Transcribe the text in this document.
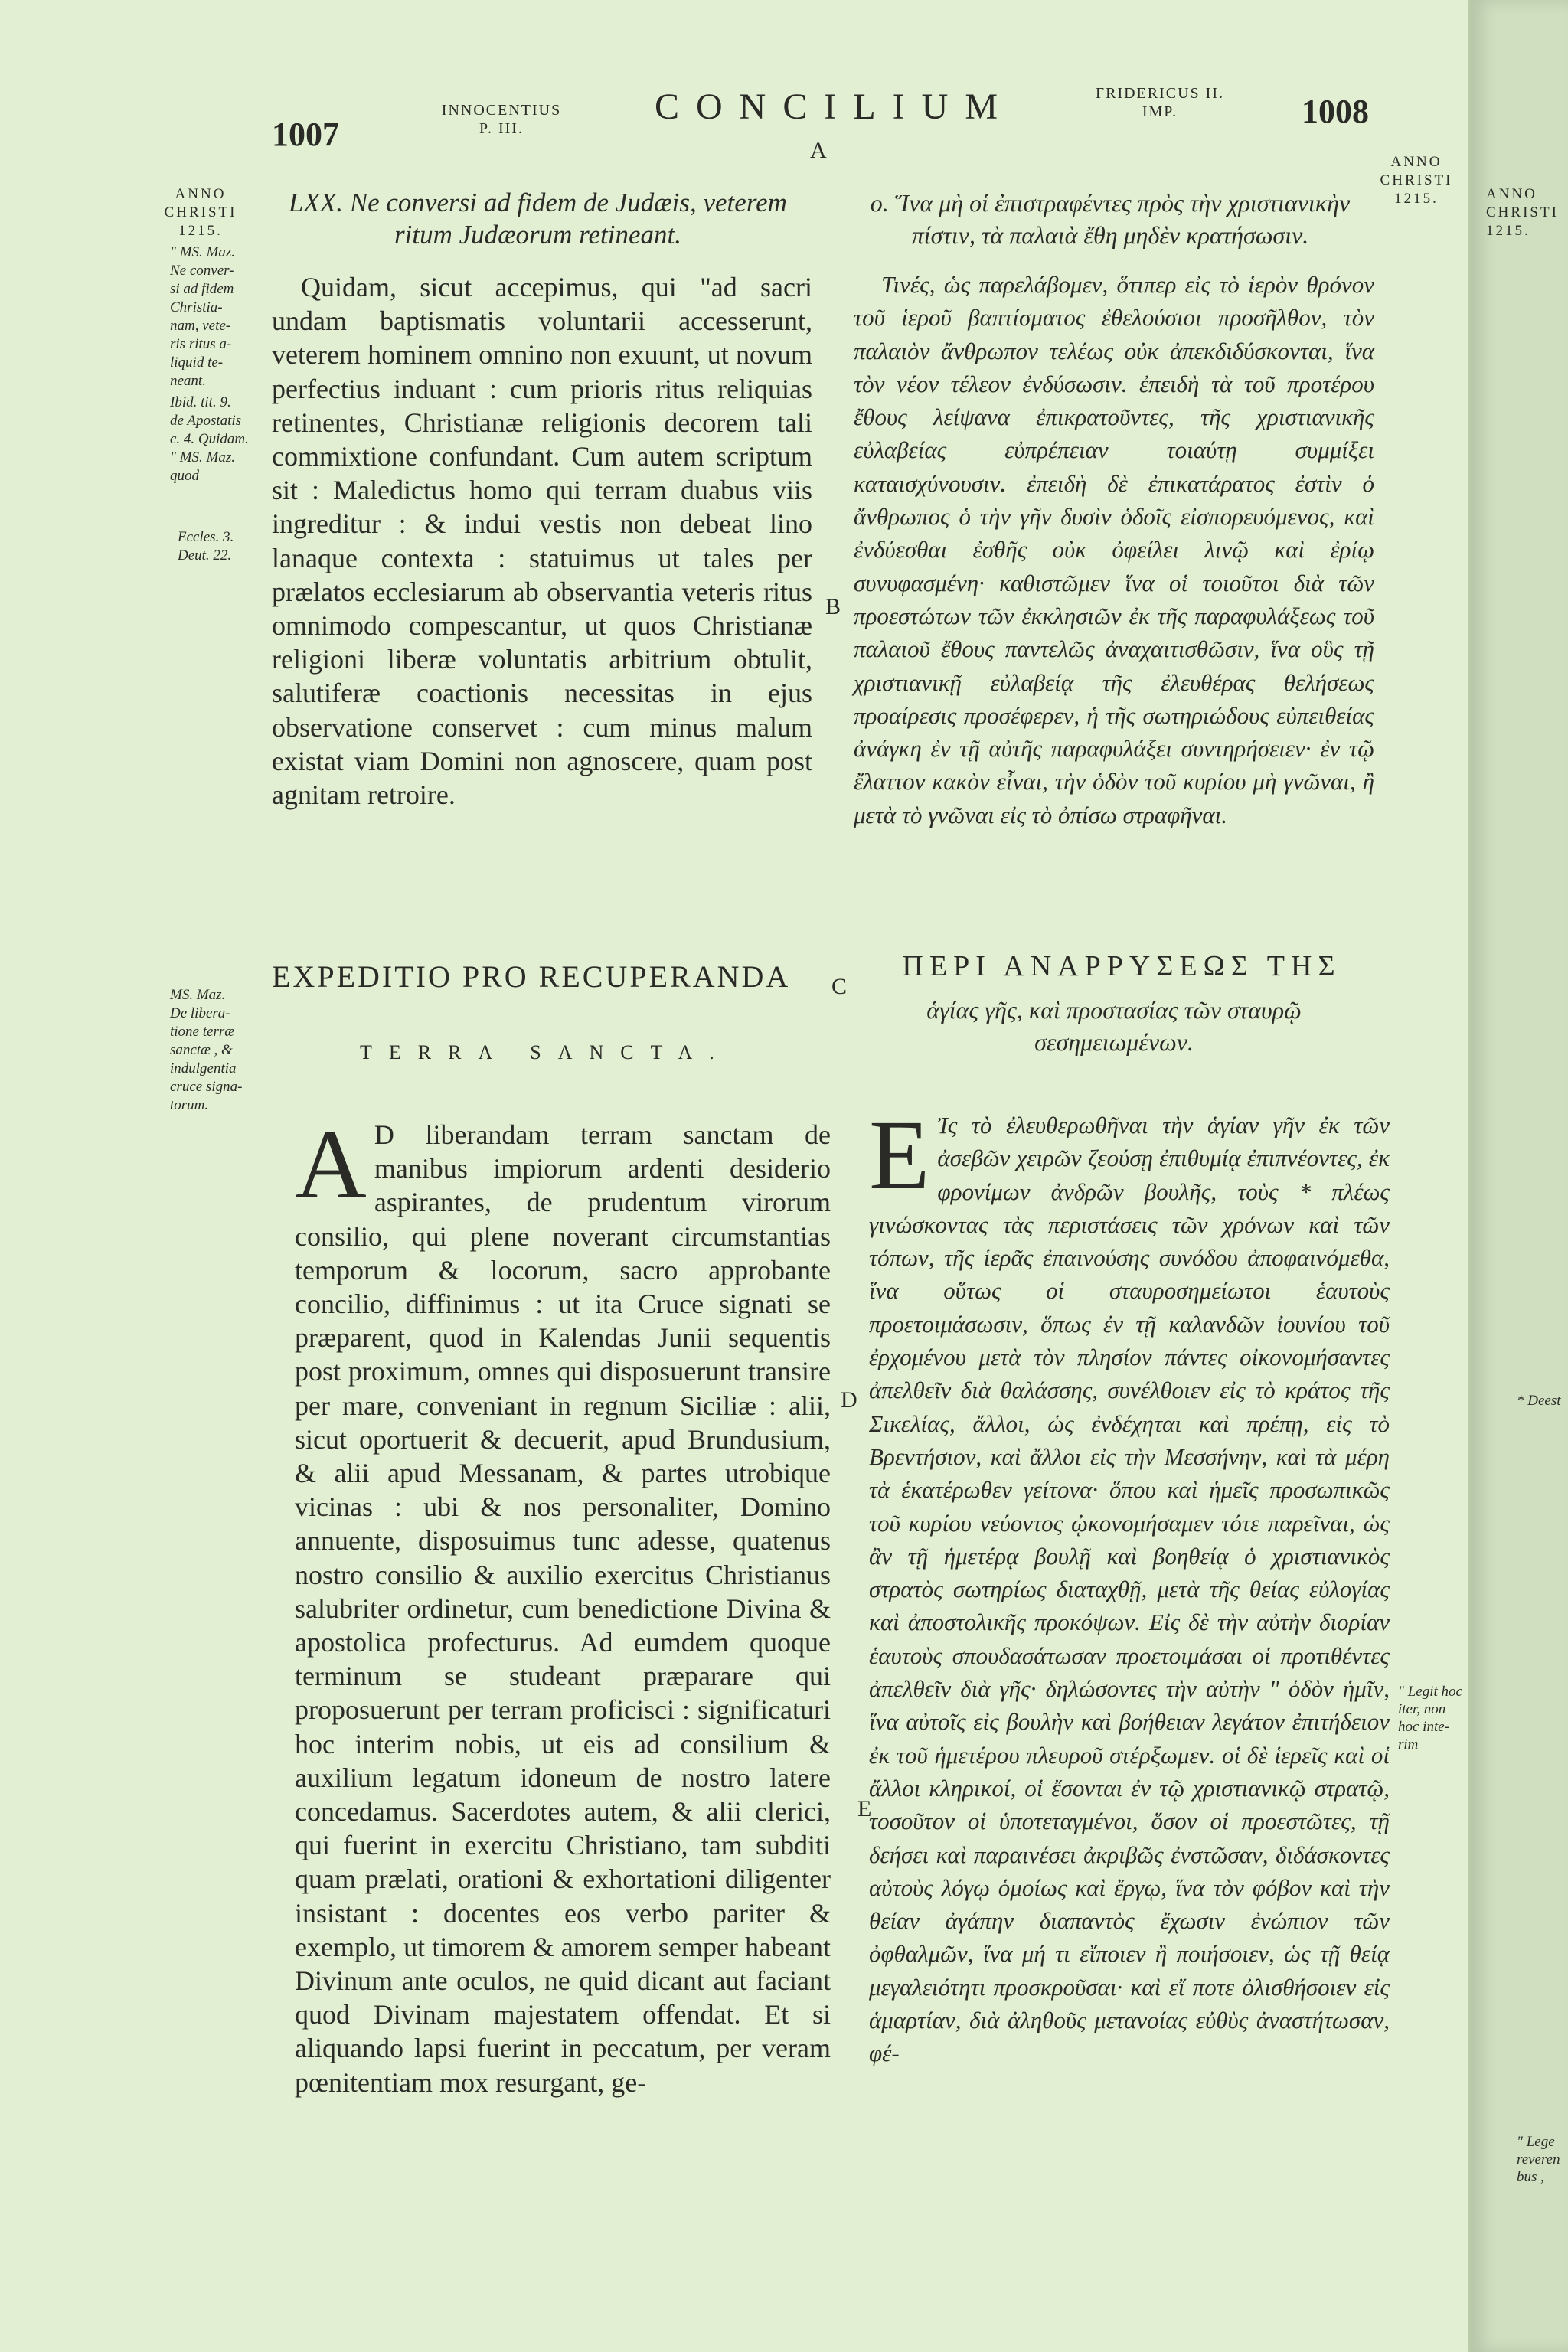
1007
INNOCENTIUS
P. III.
CONCILIUM	FRIDERICUS II.
IMP.	1008
A
B
C
D
E
ANNO
CHRISTI
1215.
" MS. Maz.
Ne conver-
si ad fidem
Christia-
nam, vete-
ris ritus a-
liquid te-
neant.
Ibid. tit. 9.
de Apostatis
c. 4. Quidam.
" MS. Maz.
quod
Eccles. 3.
Deut. 22.
MS. Maz.
De libera-
tione terræ
sanctæ , &
indulgentia
cruce signa-
torum.
ANNO
CHRISTI
1215.
" Legit hoc
iter, non
hoc inte-
rim
LXX. Ne conversi ad fidem de Judæis, veterem ritum Judæorum retineant.
Quidam, sicut accepimus, qui "ad sacri undam baptismatis voluntarii accesserunt, veterem hominem omnino non exuunt, ut novum perfectius induant : cum prioris ritus reliquias retinentes, Christianæ religionis decorem tali commixtione confundant. Cum autem scriptum sit : Maledictus homo qui terram duabus viis ingreditur : & indui vestis non debeat lino lanaque contexta : statuimus ut tales per prælatos ecclesiarum ab observantia veteris ritus omnimodo compescantur, ut quos Christianæ religioni liberæ voluntatis arbitrium obtulit, salutiferæ coactionis necessitas in ejus observatione conservet : cum minus malum existat viam Domini non agnoscere, quam post agnitam retroire.
ο. Ἵνα μὴ οἱ ἐπιστραφέντες πρὸς τὴν χριστιανικὴν πίστιν, τὰ παλαιὰ ἔθη μηδὲν κρατήσωσιν.
Τινές, ὡς παρελάβομεν, ὅτιπερ εἰς τὸ ἱερὸν θρόνον τοῦ ἱεροῦ βαπτίσματος ἐθελούσιοι προσῆλθον, τὸν παλαιὸν ἄνθρωπον τελέως οὐκ ἀπεκδιδύσκονται, ἵνα τὸν νέον τέλεον ἐνδύσωσιν. ἐπειδὴ τὰ τοῦ προτέρου ἔθους λείψανα ἐπικρατοῦντες, τῆς χριστιανικῆς εὐλαβείας εὐπρέπειαν τοιαύτῃ συμμίξει καταισχύνουσιν. ἐπειδὴ δὲ ἐπικατάρατος ἐστὶν ὁ ἄνθρωπος ὁ τὴν γῆν δυσὶν ὁδοῖς εἰσπορευόμενος, καὶ ἐνδύεσθαι ἐσθῆς οὐκ ὀφείλει λινῷ καὶ ἐρίῳ συνυφασμένη· καθιστῶμεν ἵνα οἱ τοιοῦτοι διὰ τῶν προεστώτων τῶν ἐκκλησιῶν ἐκ τῆς παραφυλάξεως τοῦ παλαιοῦ ἔθους παντελῶς ἀναχαιτισθῶσιν, ἵνα οὓς τῇ χριστιανικῇ εὐλαβείᾳ τῆς ἐλευθέρας θελήσεως προαίρεσις προσέφερεν, ἡ τῆς σωτηριώδους εὐπειθείας ἀνάγκη ἐν τῇ αὐτῆς παραφυλάξει συντηρήσειεν· ἐν τῷ ἔλαττον κακὸν εἶναι, τὴν ὁδὸν τοῦ κυρίου μὴ γνῶναι, ἢ μετὰ τὸ γνῶναι εἰς τὸ ὀπίσω στραφῆναι.
EXPEDITIO PRO RECUPERANDA
TERRA SANCTA.
A D liberandam terram sanctam de manibus impiorum ardenti desiderio aspirantes, de prudentum virorum consilio, qui plene noverant circumstantias temporum & locorum, sacro approbante concilio, diffinimus : ut ita Cruce signati se præparent, quod in Kalendas Junii sequentis post proximum, omnes qui disposuerunt transire per mare, conveniant in regnum Siciliæ : alii, sicut oportuerit & decuerit, apud Brundusium, & alii apud Messanam, & partes utrobique vicinas : ubi & nos personaliter, Domino annuente, disposuimus tunc adesse, quatenus nostro consilio & auxilio exercitus Christianus salubriter ordinetur, cum benedictione Divina & apostolica profecturus. Ad eumdem quoque terminum se studeant præparare qui proposuerunt per terram proficisci : significaturi hoc interim nobis, ut eis ad consilium & auxilium legatum idoneum de nostro latere concedamus. Sacerdotes autem, & alii clerici, qui fuerint in exercitu Christiano, tam subditi quam prælati, orationi & exhortationi diligenter insistant : docentes eos verbo pariter & exemplo, ut timorem & amorem semper habeant Divinum ante oculos, ne quid dicant aut faciant quod Divinam majestatem offendat. Et si aliquando lapsi fuerint in peccatum, per veram pœnitentiam mox resurgant, ge-
ΠΕΡΙ ΑΝΑΡΡΥΣΕΩΣ ΤΗΣ
ἁγίας γῆς, καὶ προστασίας τῶν σταυρῷ σεσημειωμένων.
Ε Ἰς τὸ ἐλευθερωθῆναι τὴν ἁγίαν γῆν ἐκ τῶν ἀσεβῶν χειρῶν ζεούσῃ ἐπιθυμίᾳ ἐπιπνέοντες, ἐκ φρονίμων ἀνδρῶν βουλῆς, τοὺς * πλέως γινώσκοντας τὰς περιστάσεις τῶν χρόνων καὶ τῶν τόπων, τῆς ἱερᾶς ἐπαινούσης συνόδου ἀποφαινόμεθα, ἵνα οὕτως οἱ σταυροσημείωτοι ἑαυτοὺς προετοιμάσωσιν, ὅπως ἐν τῇ καλανδῶν ἰουνίου τοῦ ἐρχομένου μετὰ τὸν πλησίον πάντες οἰκονομήσαντες ἀπελθεῖν διὰ θαλάσσης, συνέλθοιεν εἰς τὸ κράτος τῆς Σικελίας, ἄλλοι, ὡς ἐνδέχηται καὶ πρέπῃ, εἰς τὸ Βρεντήσιον, καὶ ἄλλοι εἰς τὴν Μεσσήνην, καὶ τὰ μέρη τὰ ἑκατέρωθεν γείτονα· ὅπου καὶ ἡμεῖς προσωπικῶς τοῦ κυρίου νεύοντος ᾠκονομήσαμεν τότε παρεῖναι, ὡς ἂν τῇ ἡμετέρᾳ βουλῇ καὶ βοηθείᾳ ὁ χριστιανικὸς στρατὸς σωτηρίως διαταχθῇ, μετὰ τῆς θείας εὐλογίας καὶ ἀποστολικῆς προκόψων. Εἰς δὲ τὴν αὐτὴν διορίαν ἑαυτοὺς σπουδασάτωσαν προετοιμάσαι οἱ προτιθέντες ἀπελθεῖν διὰ γῆς· δηλώσοντες τὴν αὐτὴν " ὁδὸν ἡμῖν, ἵνα αὐτοῖς εἰς βουλὴν καὶ βοήθειαν λεγάτον ἐπιτήδειον ἐκ τοῦ ἡμετέρου πλευροῦ στέρξωμεν. οἱ δὲ ἱερεῖς καὶ οἱ ἄλλοι κληρικοί, οἱ ἔσονται ἐν τῷ χριστιανικῷ στρατῷ, τοσοῦτον οἱ ὑποτεταγμένοι, ὅσον οἱ προεστῶτες, τῇ δεήσει καὶ παραινέσει ἀκριβῶς ἐνστῶσαν, διδάσκοντες αὐτοὺς λόγῳ ὁμοίως καὶ ἔργῳ, ἵνα τὸν φόβον καὶ τὴν θείαν ἀγάπην διαπαντὸς ἔχωσιν ἐνώπιον τῶν ὀφθαλμῶν, ἵνα μή τι εἴποιεν ἢ ποιήσοιεν, ὡς τῇ θείᾳ μεγαλειότητι προσκροῦσαι· καὶ εἴ ποτε ὀλισθήσοιεν εἰς ἁμαρτίαν, διὰ ἀληθοῦς μετανοίας εὐθὺς ἀναστήτωσαν, φέ-
ANNO
CHRISTI
1215.
* Deest
" Lege
reveren
bus ,
